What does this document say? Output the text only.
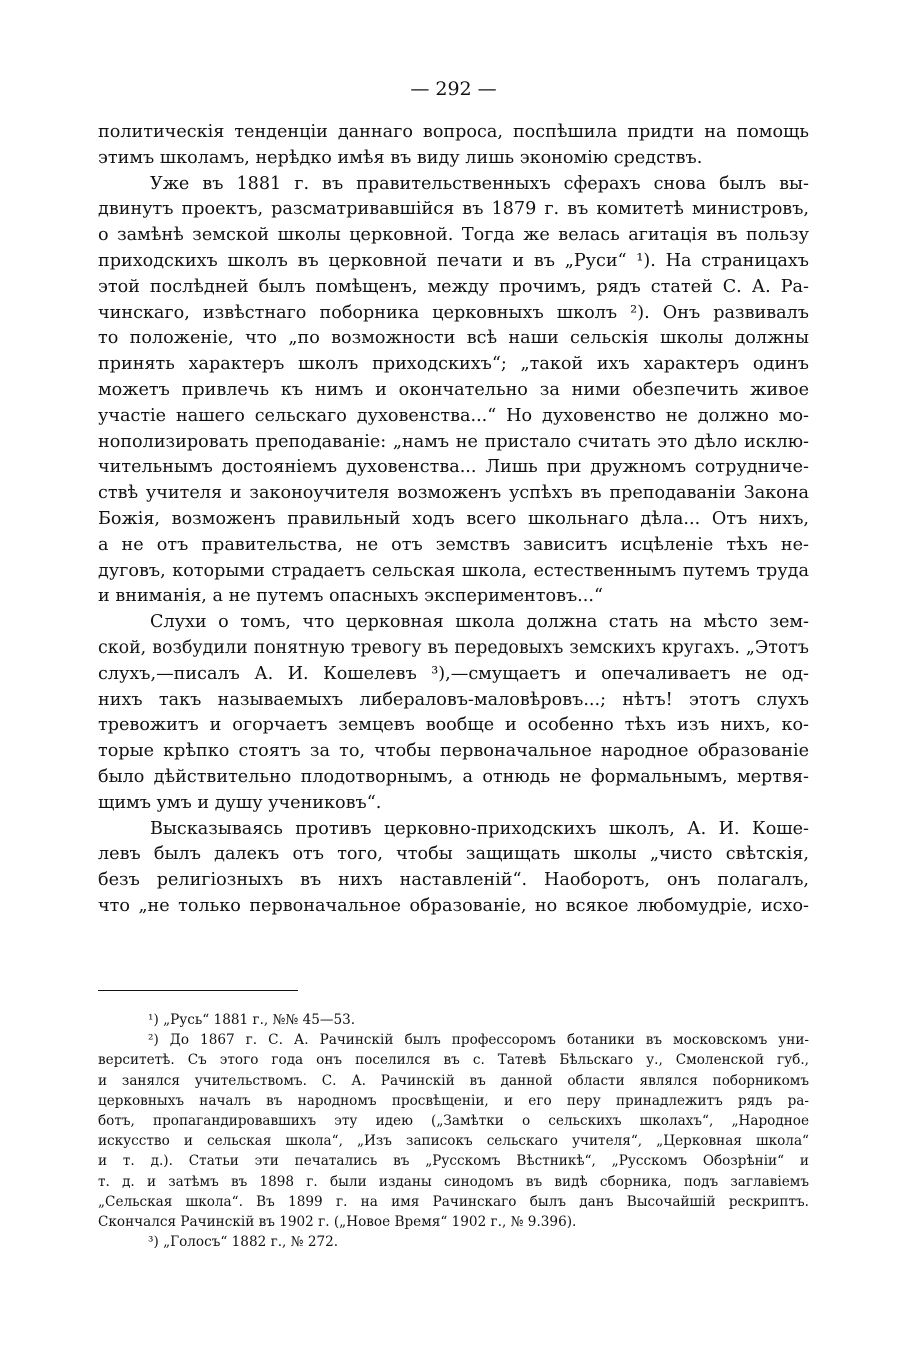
— 292 —
политическія тенденціи даннаго вопроса, поспѣшила придти на помощь
этимъ школамъ, нерѣдко имѣя въ виду лишь экономію средствъ.
Уже въ 1881 г. въ правительственныхъ сферахъ снова былъ вы-
двинутъ проектъ, разсматривавшійся въ 1879 г. въ комитетѣ министровъ,
о замѣнѣ земской школы церковной. Тогда же велась агитація въ пользу
приходскихъ школъ въ церковной печати и въ „Руси“ ¹). На страницахъ
этой послѣдней былъ помѣщенъ, между прочимъ, рядъ статей С. А. Ра-
чинскаго, извѣстнаго поборника церковныхъ школъ ²). Онъ развивалъ
то положеніе, что „по возможности всѣ наши сельскія школы должны
принять характеръ школъ приходскихъ“; „такой ихъ характеръ одинъ
можетъ привлечь къ нимъ и окончательно за ними обезпечить живое
участіе нашего сельскаго духовенства...“ Но духовенство не должно мо-
нополизировать преподаваніе: „намъ не пристало считать это дѣло исклю-
чительнымъ достояніемъ духовенства... Лишь при дружномъ сотрудниче-
ствѣ учителя и законоучителя возможенъ успѣхъ въ преподаваніи Закона
Божія, возможенъ правильный ходъ всего школьнаго дѣла... Отъ нихъ,
а не отъ правительства, не отъ земствъ зависитъ исцѣленіе тѣхъ не-
дуговъ, которыми страдаетъ сельская школа, естественнымъ путемъ труда
и вниманія, а не путемъ опасныхъ экспериментовъ...“
Слухи о томъ, что церковная школа должна стать на мѣсто зем-
ской, возбудили понятную тревогу въ передовыхъ земскихъ кругахъ. „Этотъ
слухъ,—писалъ А. И. Кошелевъ ³),—смущаетъ и опечаливаетъ не од-
нихъ такъ называемыхъ либераловъ-маловѣровъ...; нѣтъ! этотъ слухъ
тревожитъ и огорчаетъ земцевъ вообще и особенно тѣхъ изъ нихъ, ко-
торые крѣпко стоятъ за то, чтобы первоначальное народное образованіе
было дѣйствительно плодотворнымъ, а отнюдь не формальнымъ, мертвя-
щимъ умъ и душу учениковъ“.
Высказываясь противъ церковно-приходскихъ школъ, А. И. Коше-
левъ былъ далекъ отъ того, чтобы защищать школы „чисто свѣтскія,
безъ религіозныхъ въ нихъ наставленій“. Наоборотъ, онъ полагалъ,
что „не только первоначальное образованіе, но всякое любомудріе, исхо-
¹) „Русь“ 1881 г., №№ 45—53.
²) До 1867 г. С. А. Рачинскій былъ профессоромъ ботаники въ московскомъ уни-
верситетѣ. Съ этого года онъ поселился въ с. Татевѣ Бѣльскаго у., Смоленской губ.,
и занялся учительствомъ. С. А. Рачинскій въ данной области являлся поборникомъ
церковныхъ началъ въ народномъ просвѣщеніи, и его перу принадлежитъ рядъ ра-
ботъ, пропагандировавшихъ эту идею („Замѣтки о сельскихъ школахъ“, „Народное
искусство и сельская школа“, „Изъ записокъ сельскаго учителя“, „Церковная школа“
и т. д.). Статьи эти печатались въ „Русскомъ Вѣстникѣ“, „Русскомъ Обозрѣніи“ и
т. д. и затѣмъ въ 1898 г. были изданы синодомъ въ видѣ сборника, подъ заглавіемъ
„Сельская школа“. Въ 1899 г. на имя Рачинскаго былъ данъ Высочайшій рескриптъ.
Скончался Рачинскій въ 1902 г. („Новое Время“ 1902 г., № 9.396).
³) „Голосъ“ 1882 г., № 272.
